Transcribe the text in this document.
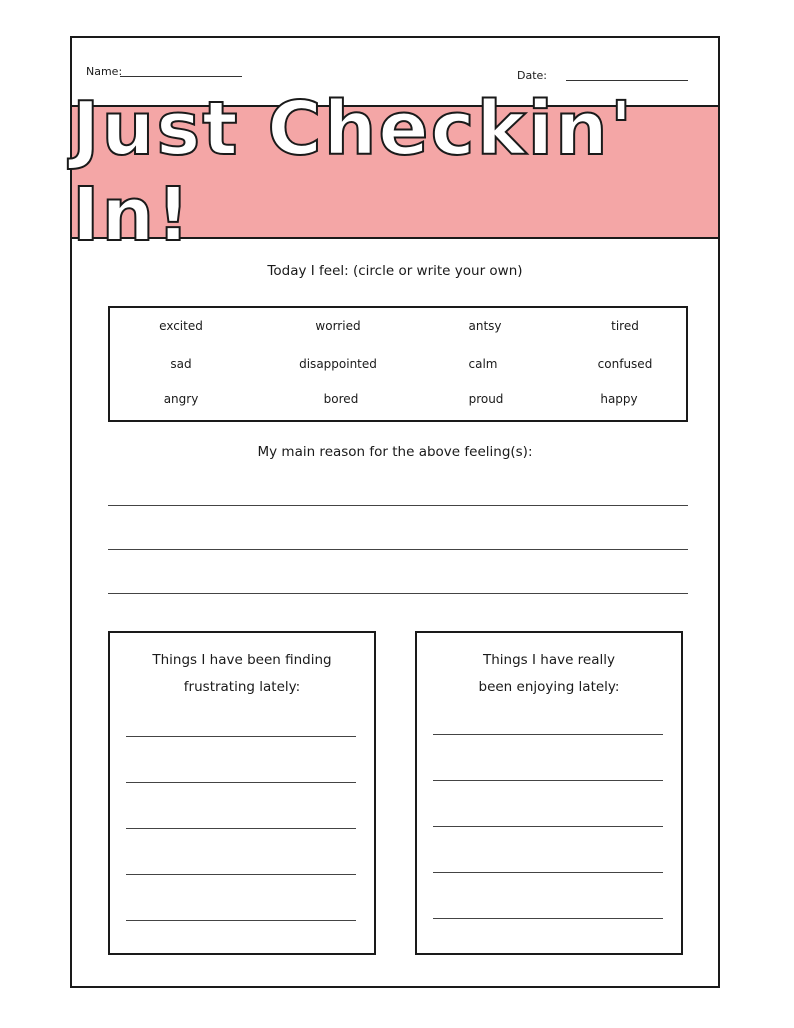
Name:	Date:
Just Checkin' In!
Today I feel: (circle or write your own)
excited	worried	antsy	tired
sad	disappointed	calm	confused
angry	bored	proud	happy
My main reason for the above feeling(s):
Things I have been finding
frustrating lately:
Things I have really
been enjoying lately:
